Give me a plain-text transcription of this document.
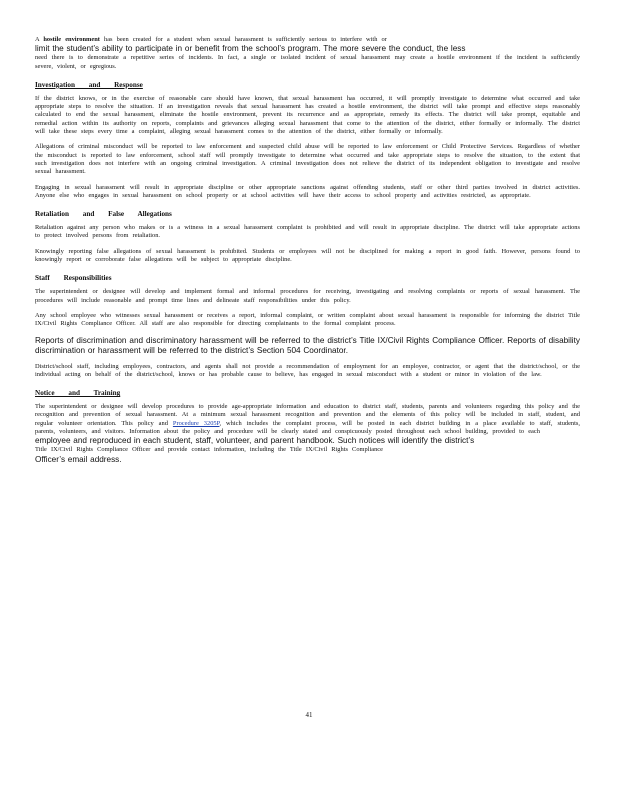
A hostile environment has been created for a student when sexual harassment is sufficiently serious to interfere with or

limit the student’s ability to participate in or benefit from the school’s program. The more severe the conduct, the less

need there is to demonstrate a repetitive series of incidents. In fact, a single or isolated incident of sexual harassment may create a hostile environment if the incident is sufficiently severe, violent, or egregious.

Investigation and Response

If the district knows, or in the exercise of reasonable care should have known, that sexual harassment has occurred, it will promptly investigate to determine what occurred and take appropriate steps to resolve the situation. If an investigation reveals that sexual harassment has created a hostile environment, the district will take prompt and effective steps reasonably calculated to end the sexual harassment, eliminate the hostile environment, prevent its recurrence and as appropriate, remedy its effects. The district will take prompt, equitable and remedial action within its authority on reports, complaints and grievances alleging sexual harassment that come to the attention of the district, either formally or informally. The district will take these steps every time a complaint, alleging sexual harassment comes to the attention of the district, either formally or informally.

Allegations of criminal misconduct will be reported to law enforcement and suspected child abuse will be reported to law enforcement or Child Protective Services. Regardless of whether the misconduct is reported to law enforcement, school staff will promptly investigate to determine what occurred and take appropriate steps to resolve the situation, to the extent that such investigation does not interfere with an ongoing criminal investigation. A criminal investigation does not relieve the district of its independent obligation to investigate and resolve sexual harassment.

Engaging in sexual harassment will result in appropriate discipline or other appropriate sanctions against offending students, staff or other third parties involved in district activities. Anyone else who engages in sexual harassment on school property or at school activities will have their access to school property and activities restricted, as appropriate.

Retaliation and False Allegations

Retaliation against any person who makes or is a witness in a sexual harassment complaint is prohibited and will result in appropriate discipline. The district will take appropriate actions to protect involved persons from retaliation.

Knowingly reporting false allegations of sexual harassment is prohibited. Students or employees will not be disciplined for making a report in good faith. However, persons found to knowingly report or corroborate false allegations will be subject to appropriate discipline.

Staff Responsibilities

The superintendent or designee will develop and implement formal and informal procedures for receiving, investigating and resolving complaints or reports of sexual harassment. The procedures will include reasonable and prompt time lines and delineate staff responsibilities under this policy.

Any school employee who witnesses sexual harassment or receives a report, informal complaint, or written complaint about sexual harassment is responsible for informing the district Title IX/Civil Rights Compliance Officer. All staff are also responsible for directing complainants to the formal complaint process.

Reports of discrimination and discriminatory harassment will be referred to the district’s Title IX/Civil Rights Compliance Officer. Reports of disability discrimination or harassment will be referred to the district’s Section 504 Coordinator.

District/school staff, including employees, contractors, and agents shall not provide a recommendation of employment for an employee, contractor, or agent that the district/school, or the individual acting on behalf of the district/school, knows or has probable cause to believe, has engaged in sexual misconduct with a student or minor in violation of the law.

Notice and Training

The superintendent or designee will develop procedures to provide age-appropriate information and education to district staff, students, parents and volunteers regarding this policy and the recognition and prevention of sexual harassment. At a minimum sexual harassment recognition and prevention and the elements of this policy will be included in staff, student, and regular volunteer orientation. This policy and Procedure 3205P, which includes the complaint process, will be posted in each district building in a place available to staff, students, parents, volunteers, and visitors. Information about the policy and procedure will be clearly stated and conspicuously posted throughout each school building, provided to each

employee and reproduced in each student, staff, volunteer, and parent handbook. Such notices will identify the district’s

Title IX/Civil Rights Compliance Officer and provide contact information, including the Title IX/Civil Rights Compliance

Officer’s email address.

41
